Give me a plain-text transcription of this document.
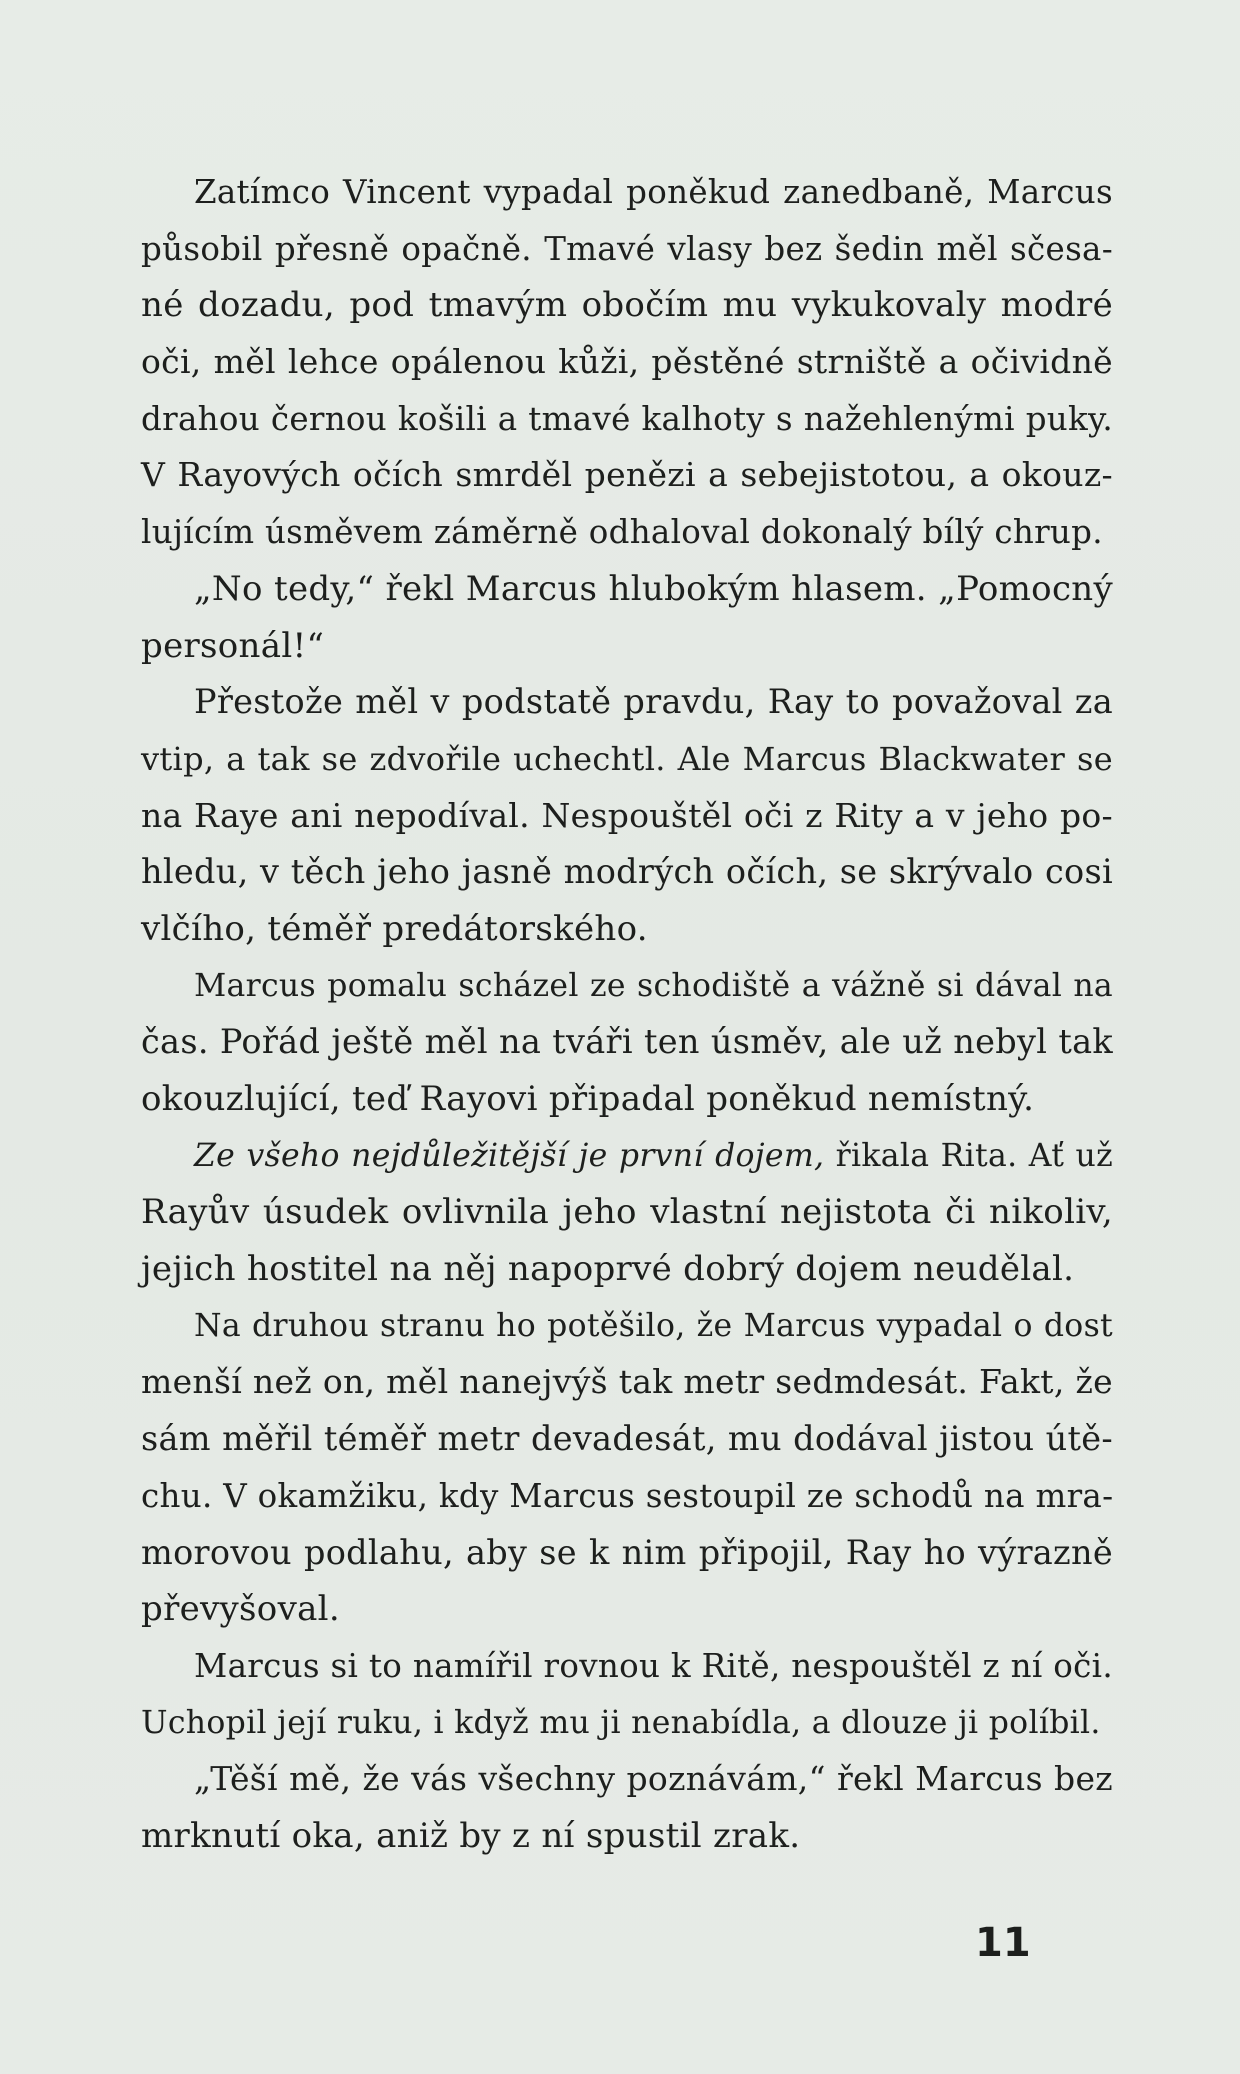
Zatímco Vincent vypadal poněkud zanedbaně, Marcus
působil přesně opačně. Tmavé vlasy bez šedin měl sčesa-
né dozadu, pod tmavým obočím mu vykukovaly modré
oči, měl lehce opálenou kůži, pěstěné strniště a očividně
drahou černou košili a tmavé kalhoty s nažehlenými puky.
V Rayových očích smrděl penězi a sebejistotou, a okouz-
lujícím úsměvem záměrně odhaloval dokonalý bílý chrup.
„No tedy,“ řekl Marcus hlubokým hlasem. „Pomocný
personál!“
Přestože měl v podstatě pravdu, Ray to považoval za
vtip, a tak se zdvořile uchechtl. Ale Marcus Blackwater se
na Raye ani nepodíval. Nespouštěl oči z Rity a v jeho po-
hledu, v těch jeho jasně modrých očích, se skrývalo cosi
vlčího, téměř predátorského.
Marcus pomalu scházel ze schodiště a vážně si dával na
čas. Pořád ještě měl na tváři ten úsměv, ale už nebyl tak
okouzlující, teď Rayovi připadal poněkud nemístný.
Ze všeho nejdůležitější je první dojem, řikala Rita. Ať už
Rayův úsudek ovlivnila jeho vlastní nejistota či nikoliv,
jejich hostitel na něj napoprvé dobrý dojem neudělal.
Na druhou stranu ho potěšilo, že Marcus vypadal o dost
menší než on, měl nanejvýš tak metr sedmdesát. Fakt, že
sám měřil téměř metr devadesát, mu dodával jistou útě-
chu. V okamžiku, kdy Marcus sestoupil ze schodů na mra-
morovou podlahu, aby se k nim připojil, Ray ho výrazně
převyšoval.
Marcus si to namířil rovnou k Ritě, nespouštěl z ní oči.
Uchopil její ruku, i když mu ji nenabídla, a dlouze ji políbil.
„Těší mě, že vás všechny poznávám,“ řekl Marcus bez
mrknutí oka, aniž by z ní spustil zrak.
11
